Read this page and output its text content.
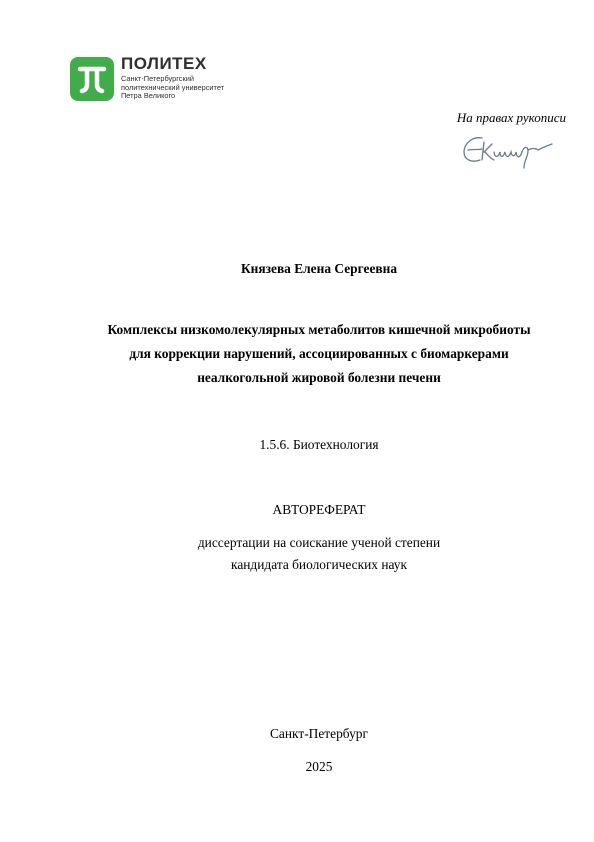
ПОЛИТЕХ
Санкт-Петербургский
политехнический университет
Петра Великого
На правах рукописи
Князева Елена Сергеевна
Комплексы низкомолекулярных метаболитов кишечной микробиоты
для коррекции нарушений, ассоциированных с биомаркерами
неалкогольной жировой болезни печени
1.5.6. Биотехнология
АВТОРЕФЕРАТ
диссертации на соискание ученой степени
кандидата биологических наук
Санкт-Петербург
2025
